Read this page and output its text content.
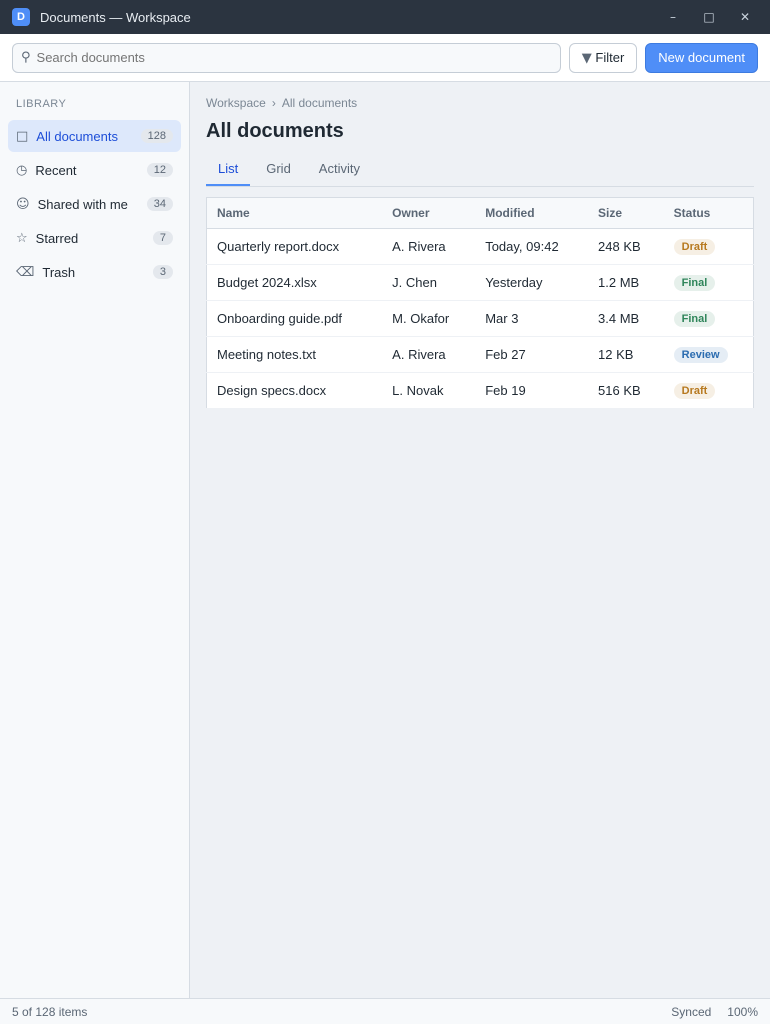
D	Documents — Workspace	–	□	✕
⚲
Search documents	▼ Filter	New document
LIBRARY
□ All documents	128
◷ Recent	12
☺ Shared with me	34
☆ Starred	7
⌫ Trash	3
Workspace › All documents
All documents
List	Grid	Activity
Name	Owner	Modified	Size	Status
Quarterly report.docx	A. Rivera	Today, 09:42	248 KB	Draft
Budget 2024.xlsx	J. Chen	Yesterday	1.2 MB	Final
Onboarding guide.pdf	M. Okafor	Mar 3	3.4 MB	Final
Meeting notes.txt	A. Rivera	Feb 27	12 KB	Review
Design specs.docx	L. Novak	Feb 19	516 KB	Draft
5 of 128 items	Synced 100%
